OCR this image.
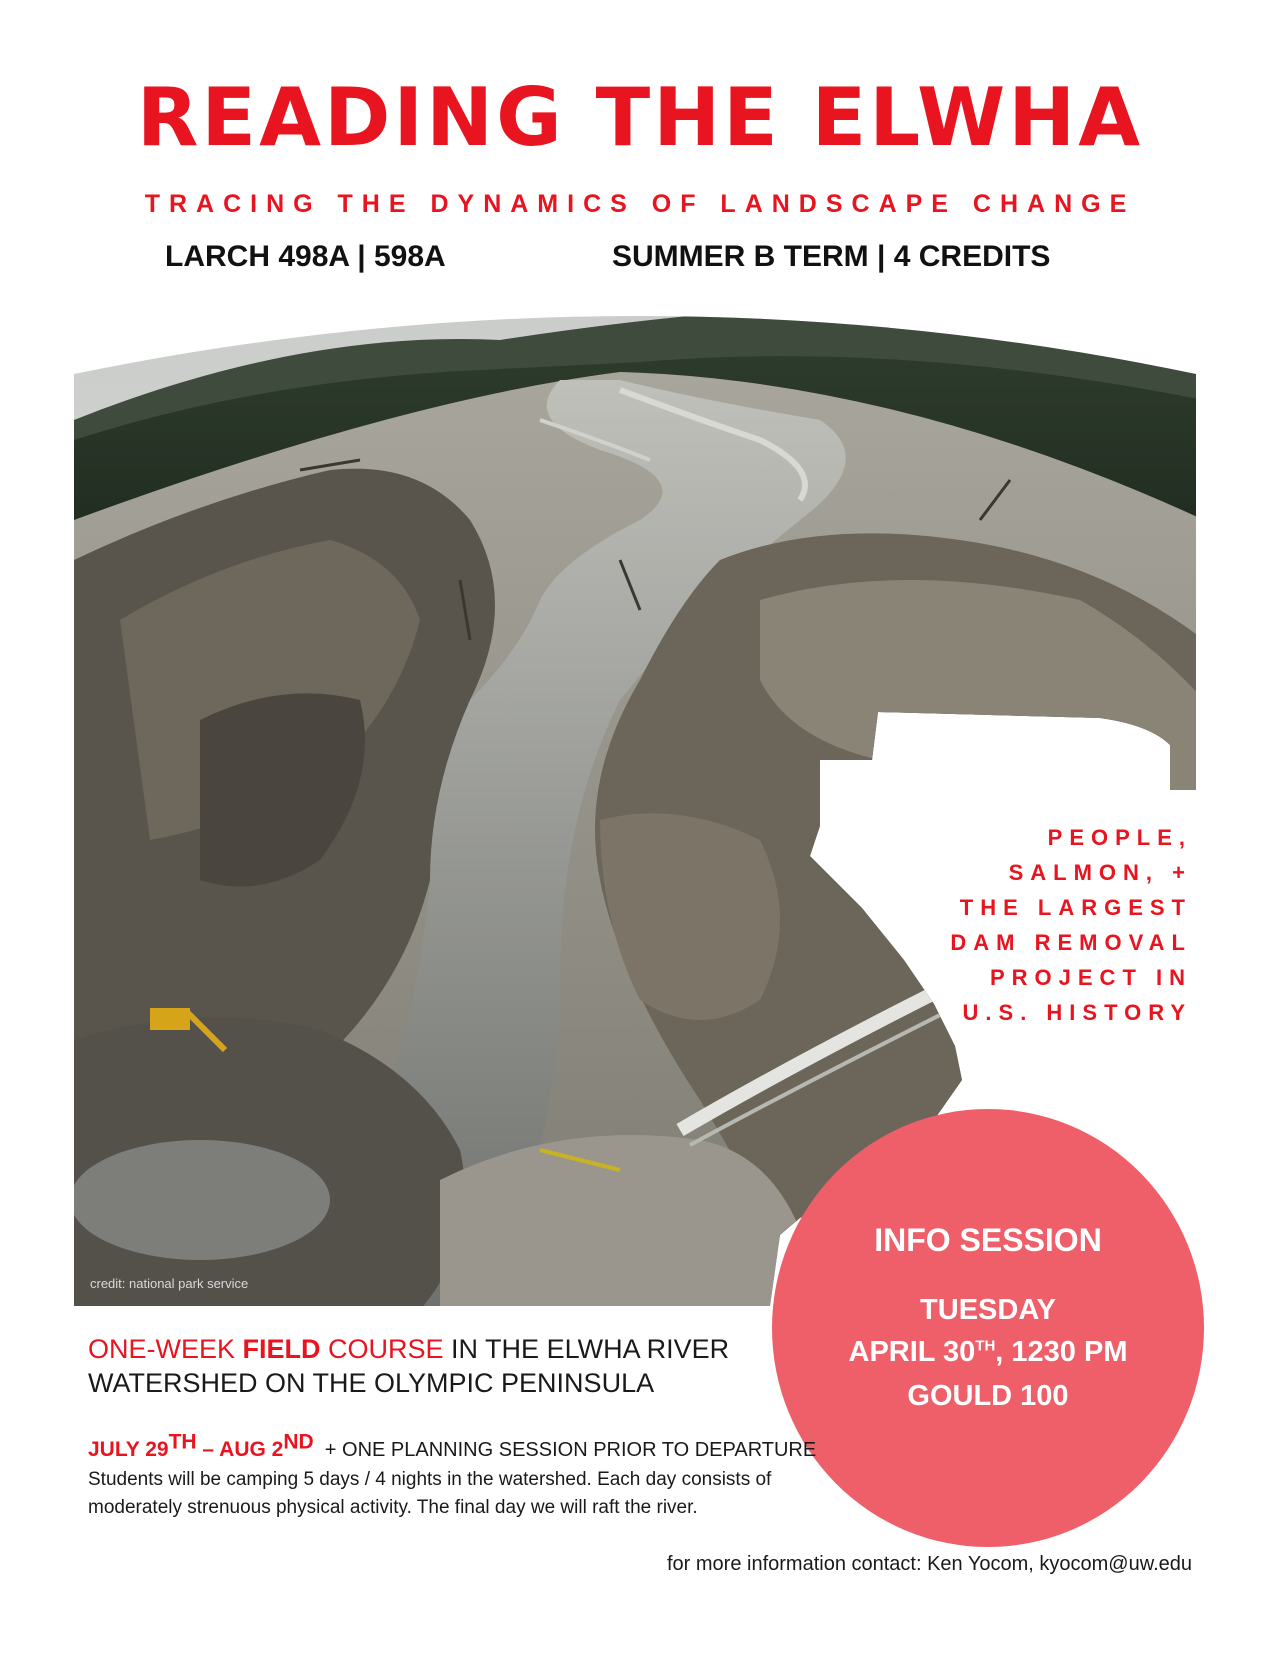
READING THE ELWHA
TRACING THE DYNAMICS OF LANDSCAPE CHANGE
LARCH 498A | 598A	SUMMER B TERM | 4 CREDITS
credit: national park service
PEOPLE,
SALMON, +
THE LARGEST
DAM REMOVAL
PROJECT IN
U.S. HISTORY
INFO SESSION
TUESDAY
APRIL 30TH, 1230 PM
GOULD 100
ONE-WEEK FIELD COURSE IN THE ELWHA RIVER
WATERSHED ON THE OLYMPIC PENINSULA
JULY 29TH – AUG 2ND + ONE PLANNING SESSION PRIOR TO DEPARTURE
Students will be camping 5 days / 4 nights in the watershed. Each day consists of moderately strenuous physical activity. The final day we will raft the river.
for more information contact: Ken Yocom, kyocom@uw.edu
